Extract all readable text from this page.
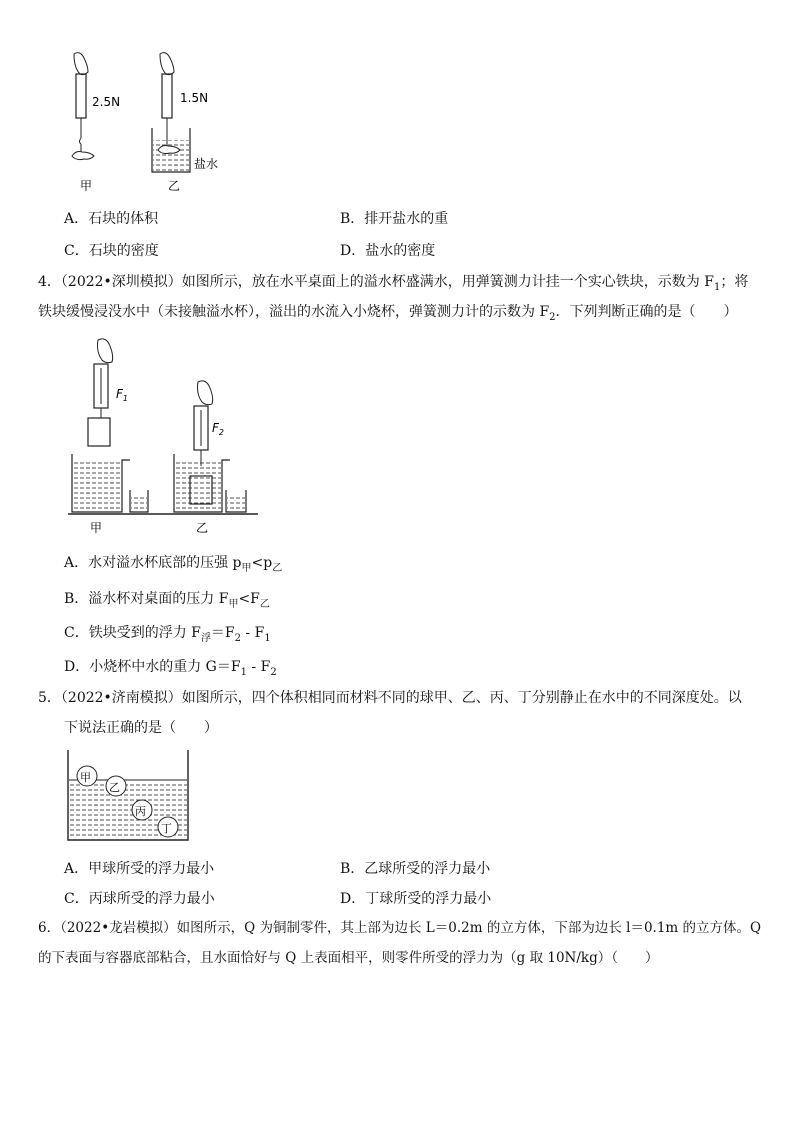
2.5N
甲
1.5N
盐水
乙
A．石块的体积	B．排开盐水的重
C．石块的密度	D．盐水的密度
4．（2022•深圳模拟）如图所示，放在水平桌面上的溢水杯盛满水，用弹簧测力计挂一个实心铁块，示数为 $F_1$；将
铁块缓慢浸没水中（未接触溢水杯），溢出的水流入小烧杯，弹簧测力计的示数为 $F_2$．下列判断正确的是（　　）
$F_1$
$F_2$
甲	乙
A．水对溢水杯底部的压强 $p_甲<p_乙$
B．溢水杯对桌面的压力 $F_甲<F_乙$
C．铁块受到的浮力 $F_浮=F_2 - F_1$
D．小烧杯中水的重力 $G=F_1 - F_2$
5．（2022•济南模拟）如图所示，四个体积相同而材料不同的球甲、乙、丙、丁分别静止在水中的不同深度处。以
下说法正确的是（　　）
甲
乙
丙
丁
A．甲球所受的浮力最小	B．乙球所受的浮力最小
C．丙球所受的浮力最小	D．丁球所受的浮力最小
6．（2022•龙岩模拟）如图所示，Q 为铜制零件，其上部为边长 L＝0.2m 的立方体，下部为边长 l＝0.1m 的立方体。Q
的下表面与容器底部粘合，且水面恰好与 Q 上表面相平，则零件所受的浮力为（g 取 10N/kg）（　　）
